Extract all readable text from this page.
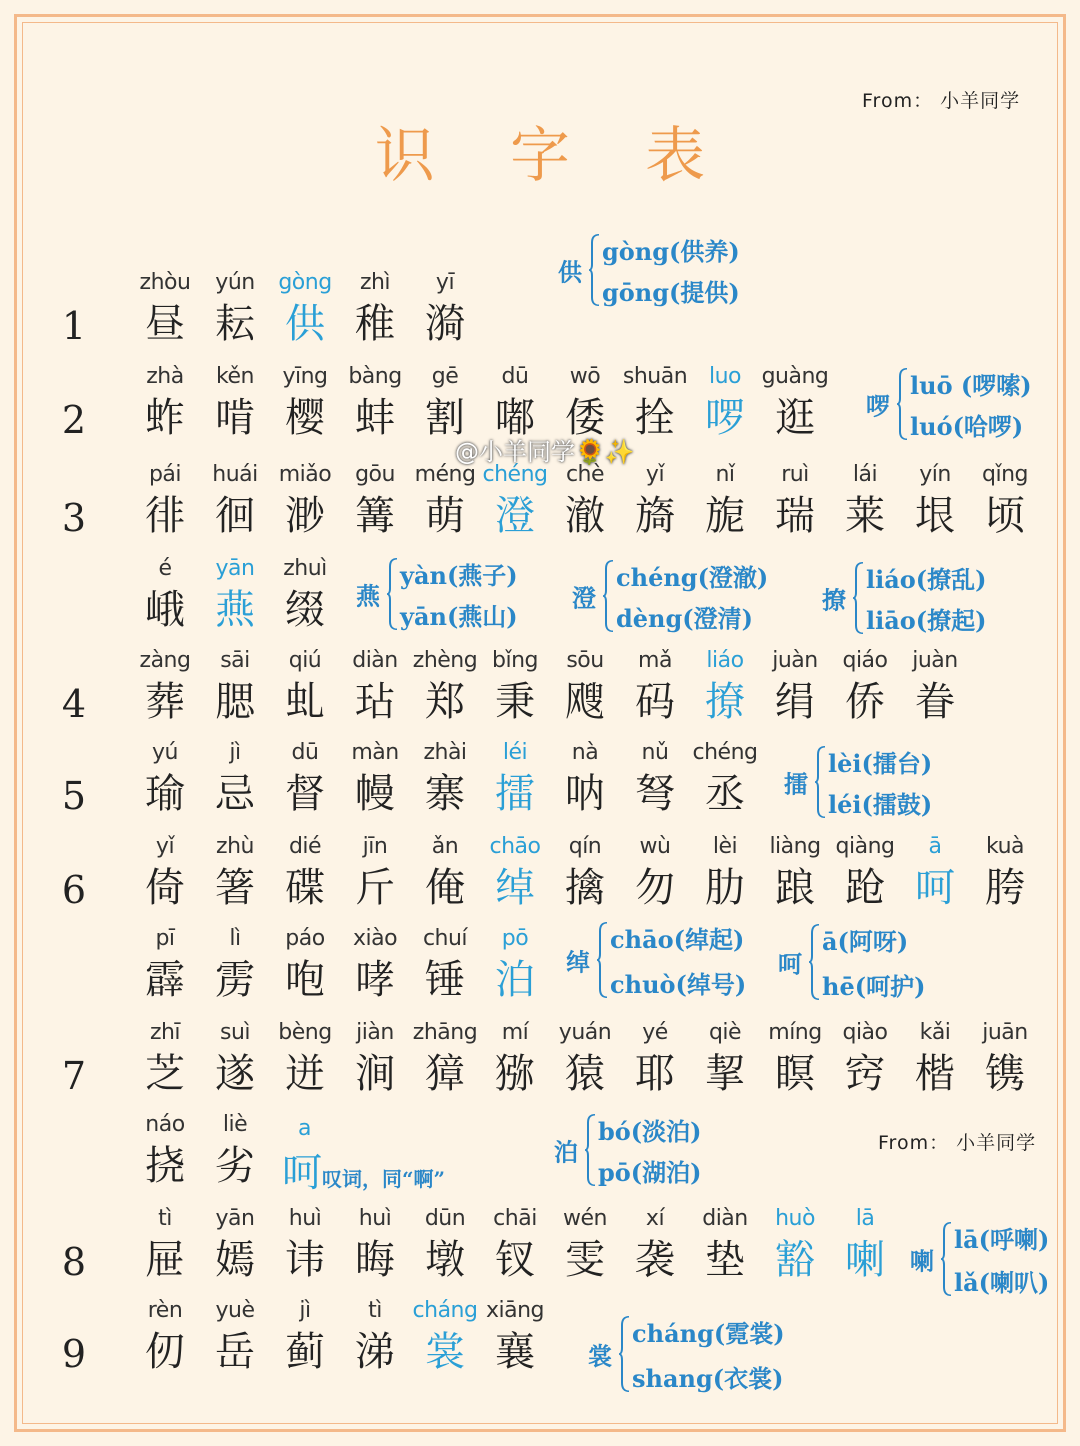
From： 小羊同学
识 字 表
1
zhòu
昼
yún
耘
gòng
供
zhì
稚
yī
漪
2
zhà
蚱
kěn
啃
yīng
樱
bàng
蚌
gē
割
dū
嘟
wō
倭
shuān
拴
luo
啰
guàng
逛
3
pái
徘
huái
徊
miǎo
渺
gōu
篝
méng
萌
chéng
澄
chè
澈
yǐ
旖
nǐ
旎
ruì
瑞
lái
莱
yín
垠
qǐng
顷
é
峨
yān
燕
zhuì
缀
4
zàng
葬
sāi
腮
qiú
虬
diàn
玷
zhèng
郑
bǐng
秉
sōu
飕
mǎ
码
liáo
撩
juàn
绢
qiáo
侨
juàn
眷
5
yú
瑜
jì
忌
dū
督
màn
幔
zhài
寨
léi
擂
nà
呐
nǔ
弩
chéng
丞
6
yǐ
倚
zhù
箸
dié
碟
jīn
斤
ǎn
俺
chāo
绰
qín
擒
wù
勿
lèi
肋
liàng
踉
qiàng
跄
ā
呵
kuà
胯
pī
霹
lì
雳
páo
咆
xiào
哮
chuí
锤
pō
泊
7
zhī
芝
suì
遂
bèng
迸
jiàn
涧
zhāng
獐
mí
猕
yuán
猿
yé
耶
qiè
挈
míng
瞑
qiào
窍
kǎi
楷
juān
镌
náo
挠
liè
劣
8
tì
屉
yān
嫣
huì
讳
huì
晦
dūn
墩
chāi
钗
wén
雯
xí
袭
diàn
垫
huò
豁
lā
喇
9
rèn
仞
yuè
岳
jì
蓟
tì
涕
cháng
裳
xiāng
襄
供
gòng(供养)
gōng(提供)
啰
luō (啰嗦)
luó(哈啰)
燕
yàn(燕子)
yān(燕山)
澄
chéng(澄澈)
dèng(澄清)
撩
liáo(撩乱)
liāo(撩起)
擂
lèi(擂台)
léi(擂鼓)
绰
chāo(绰起)
chuò(绰号)
呵
ā(阿呀)
hē(呵护)
泊
bó(淡泊)
pō(湖泊)
喇
lā(呼喇)
lǎ(喇叭)
裳
cháng(霓裳)
shang(衣裳)
a
呵叹词，同“啊”
From： 小羊同学
@小羊同学🌻✨
